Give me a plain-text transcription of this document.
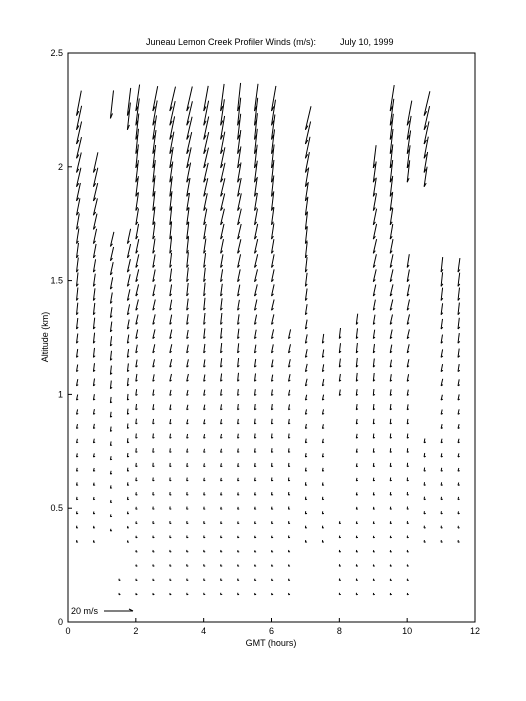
Juneau Lemon Creek Profiler Winds (m/s):	July 10, 1999
0	2	4	6	8	10	12
0
0.5
1
1.5
2
2.5
GMT (hours)
Altitude (km)
20 m/s
